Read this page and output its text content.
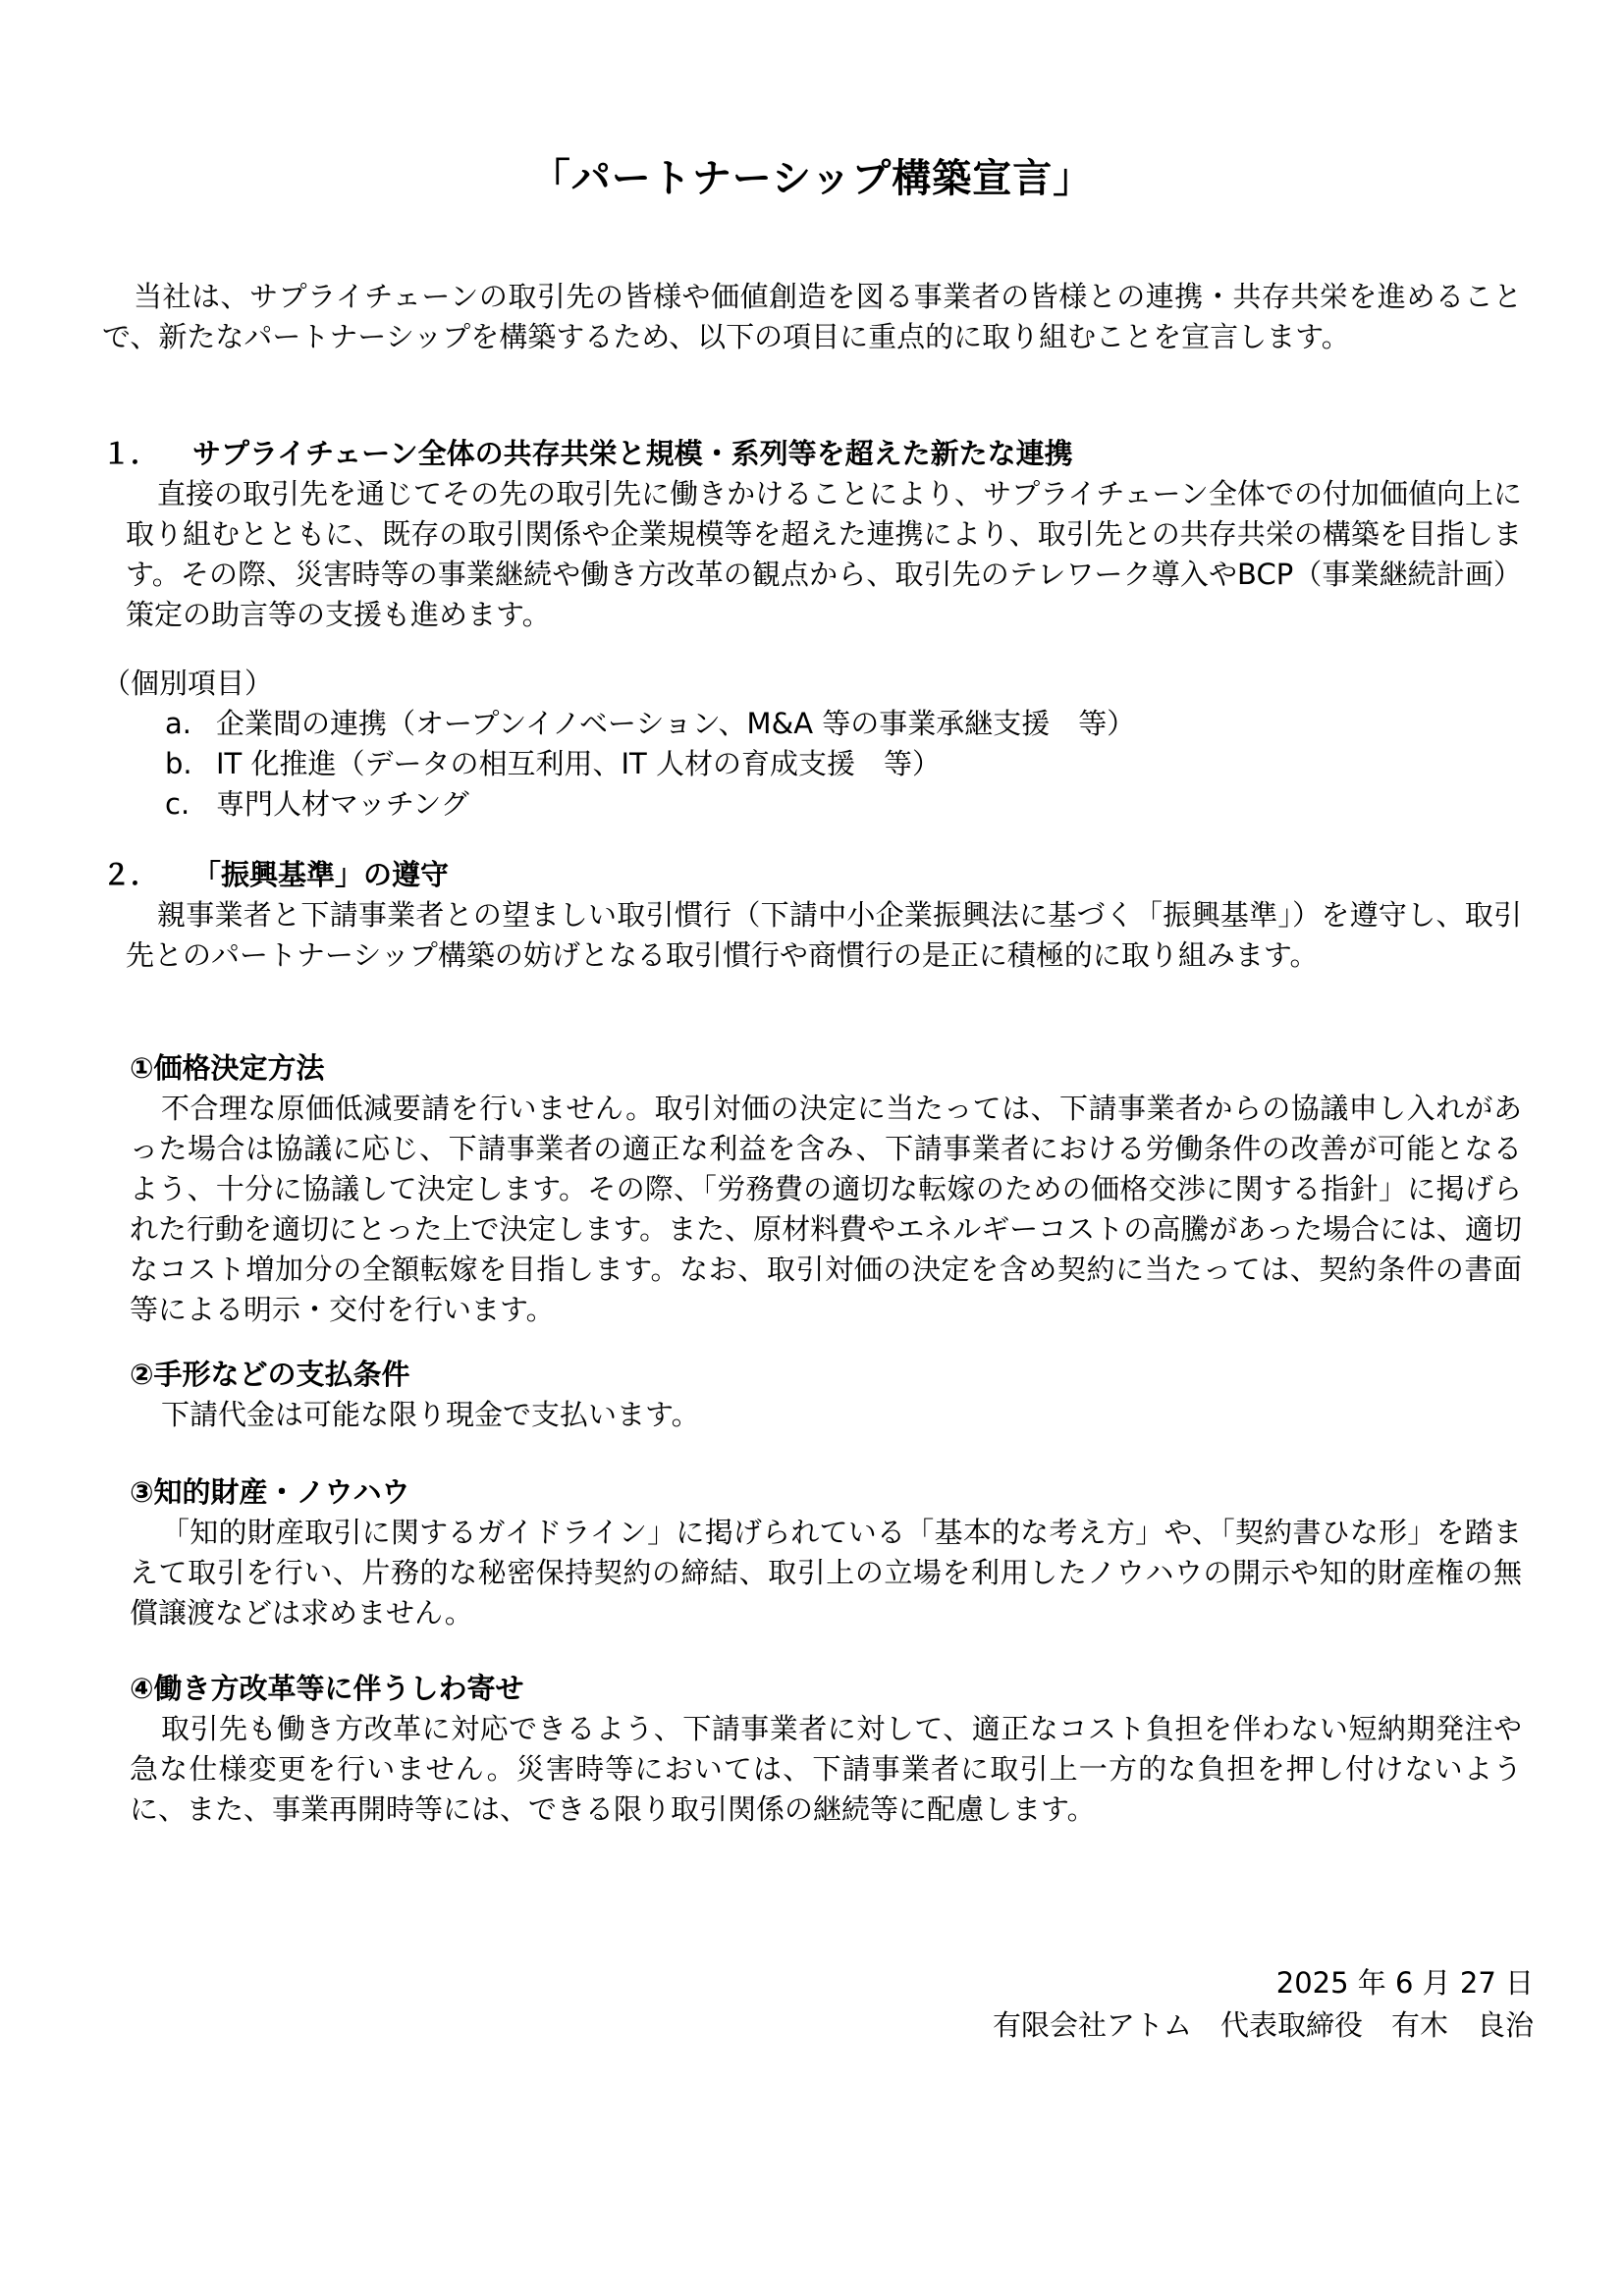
「パートナーシップ構築宣言」

当社は、サプライチェーンの取引先の皆様や価値創造を図る事業者の皆様との連携・共存共栄を進めることで、新たなパートナーシップを構築するため、以下の項目に重点的に取り組むことを宣言します。

１． サプライチェーン全体の共存共栄と規模・系列等を超えた新たな連携

直接の取引先を通じてその先の取引先に働きかけることにより、サプライチェーン全体での付加価値向上に取り組むとともに、既存の取引関係や企業規模等を超えた連携により、取引先との共存共栄の構築を目指します。その際、災害時等の事業継続や働き方改革の観点から、取引先のテレワーク導入やBCP（事業継続計画）策定の助言等の支援も進めます。

（個別項目）
a. 企業間の連携（オープンイノベーション、M&A 等の事業承継支援　等）
b. IT 化推進（データの相互利用、IT 人材の育成支援　等）
c. 専門人材マッチング
２． 「振興基準」の遵守

親事業者と下請事業者との望ましい取引慣行（下請中小企業振興法に基づく「振興基準」）を遵守し、取引先とのパートナーシップ構築の妨げとなる取引慣行や商慣行の是正に積極的に取り組みます。

①価格決定方法

不合理な原価低減要請を行いません。取引対価の決定に当たっては、下請事業者からの協議申し入れがあった場合は協議に応じ、下請事業者の適正な利益を含み、下請事業者における労働条件の改善が可能となるよう、十分に協議して決定します。その際、「労務費の適切な転嫁のための価格交渉に関する指針」に掲げられた行動を適切にとった上で決定します。また、原材料費やエネルギーコストの高騰があった場合には、適切なコスト増加分の全額転嫁を目指します。なお、取引対価の決定を含め契約に当たっては、契約条件の書面等による明示・交付を行います。

②手形などの支払条件

下請代金は可能な限り現金で支払います。

③知的財産・ノウハウ

「知的財産取引に関するガイドライン」に掲げられている「基本的な考え方」や、「契約書ひな形」を踏まえて取引を行い、片務的な秘密保持契約の締結、取引上の立場を利用したノウハウの開示や知的財産権の無償譲渡などは求めません。

④働き方改革等に伴うしわ寄せ

取引先も働き方改革に対応できるよう、下請事業者に対して、適正なコスト負担を伴わない短納期発注や急な仕様変更を行いません。災害時等においては、下請事業者に取引上一方的な負担を押し付けないように、また、事業再開時等には、できる限り取引関係の継続等に配慮します。

2025 年 6 月 27 日
有限会社アトム　代表取締役　有木　良治
